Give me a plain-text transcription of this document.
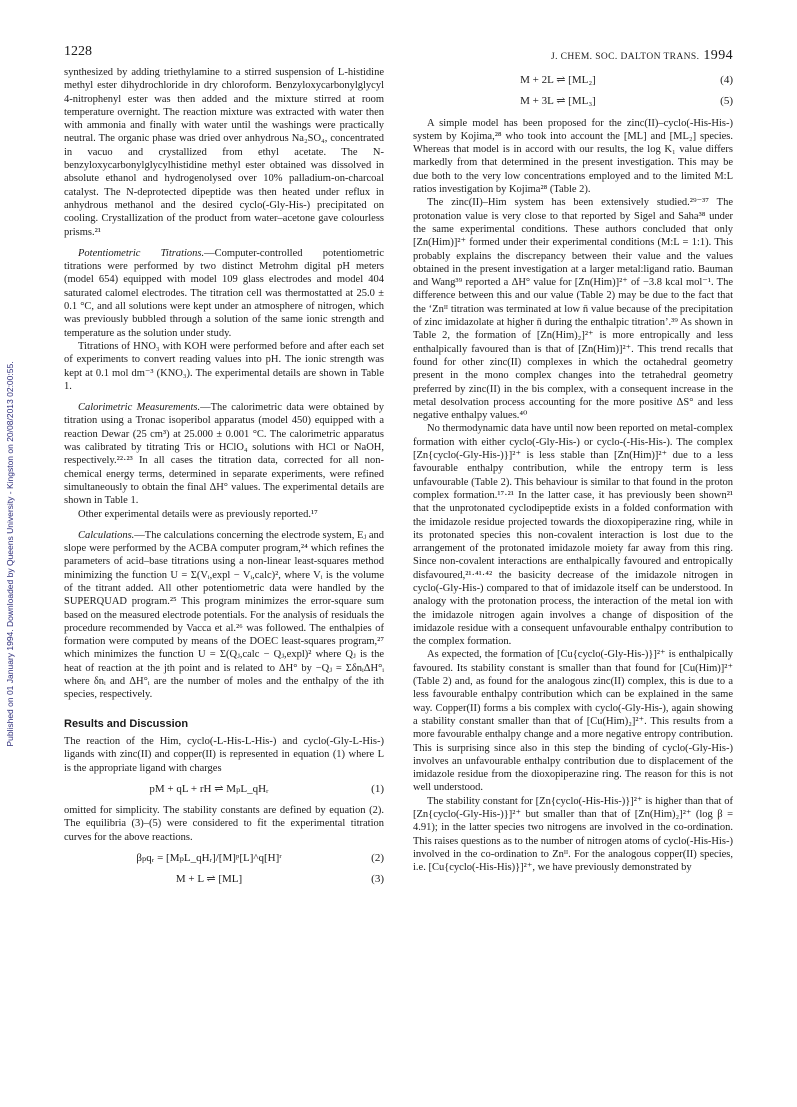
Published on 01 January 1994. Downloaded by Queens University - Kingston on 20/08/2013 02:00:55.
1228	J. CHEM. SOC. DALTON TRANS. 1994

synthesized by adding triethylamine to a stirred suspension of L-histidine methyl ester dihydrochloride in dry chloroform. Benzyloxycarbonylglycyl 4-nitrophenyl ester was then added and the mixture stirred at room temperature overnight. The reaction mixture was extracted with water then with ammonia and finally with water until the washings were practically neutral. The organic phase was dried over anhydrous Na₂SO₄, concentrated in vacuo and crystallized from ethyl acetate. The N-benzyloxycarbonylglycylhistidine methyl ester obtained was dissolved in absolute ethanol and hydrogenolysed over 10% palladium-on-charcoal catalyst. The N-deprotected dipeptide was then heated under reflux in anhydrous methanol and the desired cyclo(-Gly-His-) precipitated on cooling. Crystallization of the product from water–acetone gave colourless prisms.²¹

Potentiometric Titrations.—Computer-controlled potentiometric titrations were performed by two distinct Metrohm digital pH meters (model 654) equipped with model 109 glass electrodes and model 404 saturated calomel electrodes. The titration cell was thermostatted at 25.0 ± 0.1 °C, and all solutions were kept under an atmosphere of nitrogen, which was previously bubbled through a solution of the same ionic strength and temperature as the solution under study.

Titrations of HNO₃ with KOH were performed before and after each set of experiments to convert reading values into pH. The ionic strength was kept at 0.1 mol dm⁻³ (KNO₃). The experimental details are shown in Table 1.

Calorimetric Measurements.—The calorimetric data were obtained by titration using a Tronac isoperibol apparatus (model 450) equipped with a reaction Dewar (25 cm³) at 25.000 ± 0.001 °C. The calorimetric apparatus was calibrated by titrating Tris or HClO₄ solutions with HCl or NaOH, respectively.²²·²³ In all cases the titration data, corrected for all non-chemical energy terms, determined in separate experiments, were refined simultaneously to obtain the final ΔH° values. The experimental details are shown in Table 1.

Other experimental details were as previously reported.¹⁷

Calculations.—The calculations concerning the electrode system, Eⱼ and slope were performed by the ACBA computer program,²⁴ which refines the parameters of acid–base titrations using a non-linear least-squares method minimizing the function U = Σ(Vᵢ,expl − Vᵢ,calc)², where Vᵢ is the volume of the titrant added. All other potentiometric data were handled by the SUPERQUAD program.²⁵ This program minimizes the error-square sum based on the measured electrode potentials. For the analysis of residuals the procedure recommended by Vacca et al.²⁶ was followed. The enthalpies of formation were computed by means of the DOEC least-squares program,²⁷ which minimizes the function U = Σ(Qⱼ,calc − Qⱼ,expl)² where Qⱼ is the heat of reaction at the jth point and is related to ΔH° by −Qⱼ = ΣδnᵢΔH°ᵢ where δnᵢ and ΔH°ᵢ are the number of moles and the enthalpy of the ith species, respectively.

Results and Discussion

The reaction of the Him, cyclo(-L-His-L-His-) and cyclo(-Gly-L-His-) ligands with zinc(II) and copper(II) is represented in equation (1) where L is the appropriate ligand with charges

pM + qL + rH ⇌ MₚL_qHᵣ	(1)

omitted for simplicity. The stability constants are defined by equation (2). The equilibria (3)–(5) were considered to fit the experimental titration curves for the above reactions.

βₚqᵣ = [MₚL_qHᵣ]/[M]ᵖ[L]^q[H]ʳ	(2)
M + L ⇌ [ML]	(3)
M + 2L ⇌ [ML₂]	(4)
M + 3L ⇌ [ML₃]	(5)

A simple model has been proposed for the zinc(II)–cyclo(-His-His-) system by Kojima,²⁸ who took into account the [ML] and [ML₂] species. Whereas that model is in accord with our results, the log K₁ value differs markedly from that determined in the present investigation. This may be due both to the very low concentrations employed and to the limited M:L ratios investigation by Kojima²⁸ (Table 2).

The zinc(II)–Him system has been extensively studied.²⁹⁻³⁷ The protonation value is very close to that reported by Sigel and Saha³⁸ under the same experimental conditions. These authors concluded that only [Zn(Him)]²⁺ formed under their experimental conditions (M:L = 1:1). This probably explains the discrepancy between their value and the values obtained in the present investigation at a larger metal:ligand ratio. Bauman and Wang³⁹ reported a ΔH° value for [Zn(Him)]²⁺ of −3.8 kcal mol⁻¹. The difference between this and our value (Table 2) may be due to the fact that the ‘Znᴵᴵ titration was terminated at low n̄ value because of the precipitation of zinc imidazolate at higher n̄ during the enthalpic titration’.³⁹ As shown in Table 2, the formation of [Zn(Him)₂]²⁺ is more entropically and less enthalpically favoured than is that of [Zn(Him)]²⁺. This trend recalls that found for other zinc(II) complexes in which the octahedral geometry present in the mono complex changes into the tetrahedral geometry preferred by zinc(II) in the bis complex, with a consequent increase in the metal desolvation process accounting for the more positive ΔS° and less negative enthalpy values.⁴⁰

No thermodynamic data have until now been reported on metal-complex formation with either cyclo(-Gly-His-) or cyclo-(-His-His-). The complex [Zn{cyclo(-Gly-His-)}]²⁺ is less stable than [Zn(Him)]²⁺ due to a less favourable enthalpy contribution, while the entropy term is less unfavourable (Table 2). This behaviour is similar to that found in the proton complex formation.¹⁷·²¹ In the latter case, it has previously been shown²¹ that the unprotonated cyclodipeptide exists in a folded conformation with the imidazole residue projected towards the dioxopiperazine ring, while in its protonated species this non-covalent interaction is lost due to the arrangement of the protonated imidazole moiety far away from this ring. Since non-covalent interactions are enthalpically favoured and entropically disfavoured,²¹·⁴¹·⁴² the basicity decrease of the imidazole nitrogen in cyclo(-Gly-His-) compared to that of imidazole itself can be understood. In analogy with the protonation process, the interaction of the metal ion with the imidazole nitrogen again involves a change of disposition of the imidazole residue with a consequent unfavourable enthalpy contribution to the complex formation.

As expected, the formation of [Cu{cyclo(-Gly-His-)}]²⁺ is enthalpically favoured. Its stability constant is smaller than that found for [Cu(Him)]²⁺ (Table 2) and, as found for the analogous zinc(II) complex, this is due to a less favourable enthalpy contribution which can be explained in the same way. Copper(II) forms a bis complex with cyclo(-Gly-His-), again showing a stability constant smaller than that of [Cu(Him)₂]²⁺. This results from a more favourable enthalpy change and a more negative entropy contribution. This is surprising since also in this step the binding of cyclo(-Gly-His-) involves an unfavourable enthalpy contribution due to displacement of the imidazole residue from the dioxopiperazine ring. The reason for this is not well understood.

The stability constant for [Zn{cyclo(-His-His-)}]²⁺ is higher than that of [Zn{cyclo(-Gly-His-)}]²⁺ but smaller than that of [Zn(Him)₂]²⁺ (log β = 4.91); in the latter species two nitrogens are involved in the co-ordination. This raises questions as to the number of nitrogen atoms of cyclo(-His-His-) involved in the co-ordination to Znᴵᴵ. For the analogous copper(II) species, i.e. [Cu{cyclo(-His-His)}]²⁺, we have previously demonstrated by
